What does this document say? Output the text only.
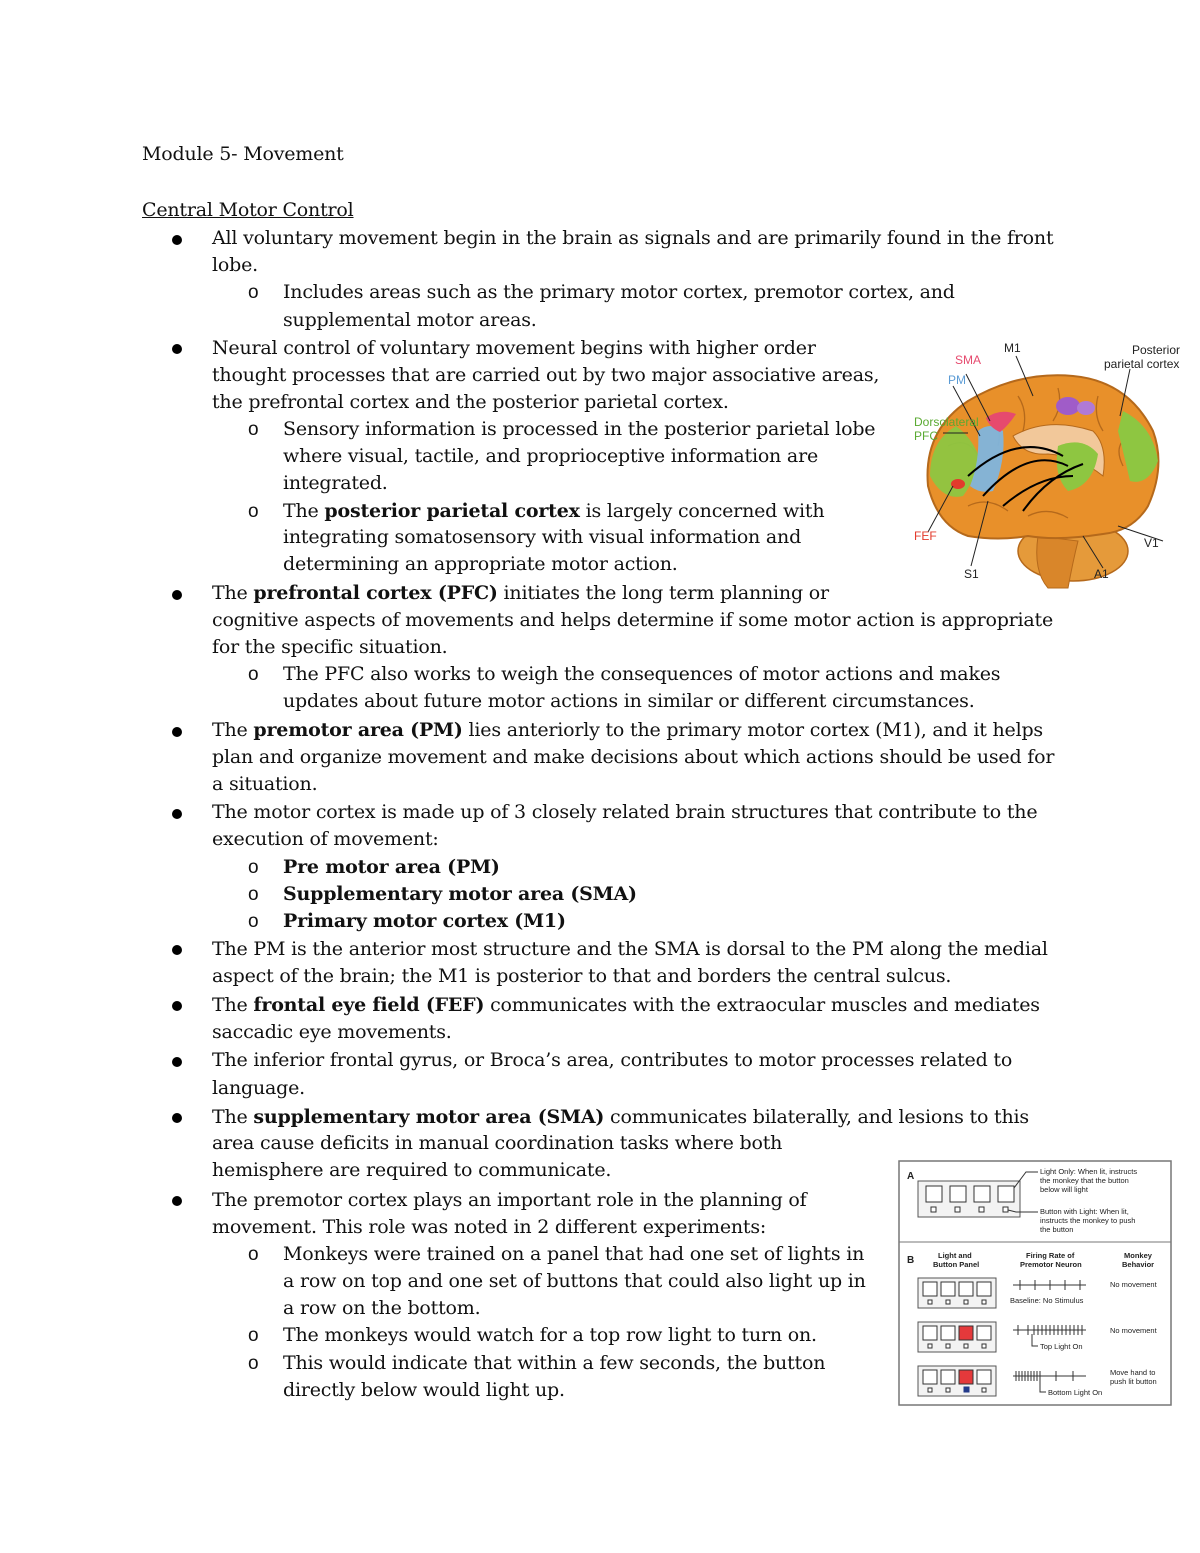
Module 5- Movement
Central Motor Control
All voluntary movement begin in the brain as signals and are primarily found in the front
lobe.
o Includes areas such as the primary motor cortex, premotor cortex, and
supplemental motor areas.
Neural control of voluntary movement begins with higher order
thought processes that are carried out by two major associative areas,
the prefrontal cortex and the posterior parietal cortex.
o Sensory information is processed in the posterior parietal lobe
where visual, tactile, and proprioceptive information are
integrated.
o The posterior parietal cortex is largely concerned with
integrating somatosensory with visual information and
determining an appropriate motor action.
The prefrontal cortex (PFC) initiates the long term planning or
cognitive aspects of movements and helps determine if some motor action is appropriate
for the specific situation.
o The PFC also works to weigh the consequences of motor actions and makes
updates about future motor actions in similar or different circumstances.
The premotor area (PM) lies anteriorly to the primary motor cortex (M1), and it helps
plan and organize movement and make decisions about which actions should be used for
a situation.
The motor cortex is made up of 3 closely related brain structures that contribute to the
execution of movement:
o Pre motor area (PM)
o Supplementary motor area (SMA)
o Primary motor cortex (M1)
The PM is the anterior most structure and the SMA is dorsal to the PM along the medial
aspect of the brain; the M1 is posterior to that and borders the central sulcus.
The frontal eye field (FEF) communicates with the extraocular muscles and mediates
saccadic eye movements.
The inferior frontal gyrus, or Broca’s area, contributes to motor processes related to
language.
The supplementary motor area (SMA) communicates bilaterally, and lesions to this
area cause deficits in manual coordination tasks where both
hemisphere are required to communicate.
The premotor cortex plays an important role in the planning of
movement. This role was noted in 2 different experiments:
o Monkeys were trained on a panel that had one set of lights in
a row on top and one set of buttons that could also light up in
a row on the bottom.
o The monkeys would watch for a top row light to turn on.
o This would indicate that within a few seconds, the button
directly below would light up.
SMA
M1	Posterior
parietal cortex
PM
Dorsolateral
PFC
FEF	V1
S1	A1
A	Light Only: When lit, instructs
the monkey that the button
below will light
Button with Light: When lit,
instructs the monkey to push
the button
B	Light and
Button Panel
Firing Rate of
Premotor Neuron
Monkey
Behavior
Baseline: No Stimulus
No movement
Top Light On
No movement
Bottom Light On
Move hand to
push lit button
